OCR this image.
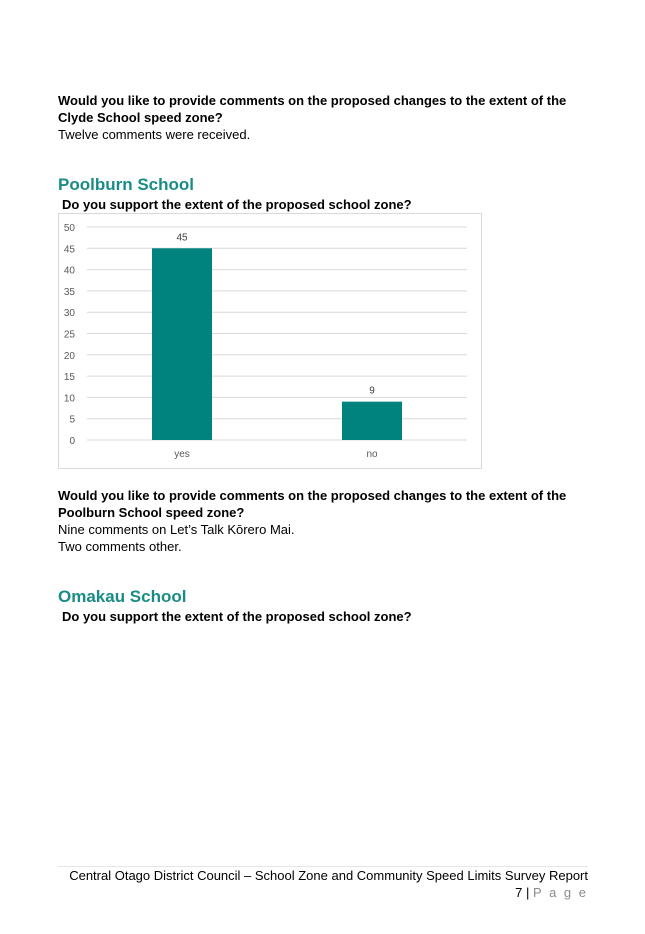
Would you like to provide comments on the proposed changes to the extent of the

Clyde School speed zone?

Twelve comments were received.

Poolburn School

Do you support the extent of the proposed school zone?

0
5
10
15
20
25
30
35
40
45
50
45
yes
9
no

Would you like to provide comments on the proposed changes to the extent of the

Poolburn School speed zone?

Nine comments on Let’s Talk Kōrero Mai.

Two comments other.

Omakau School

Do you support the extent of the proposed school zone?

Central Otago District Council – School Zone and Community Speed Limits Survey Report

7 | P a g e
